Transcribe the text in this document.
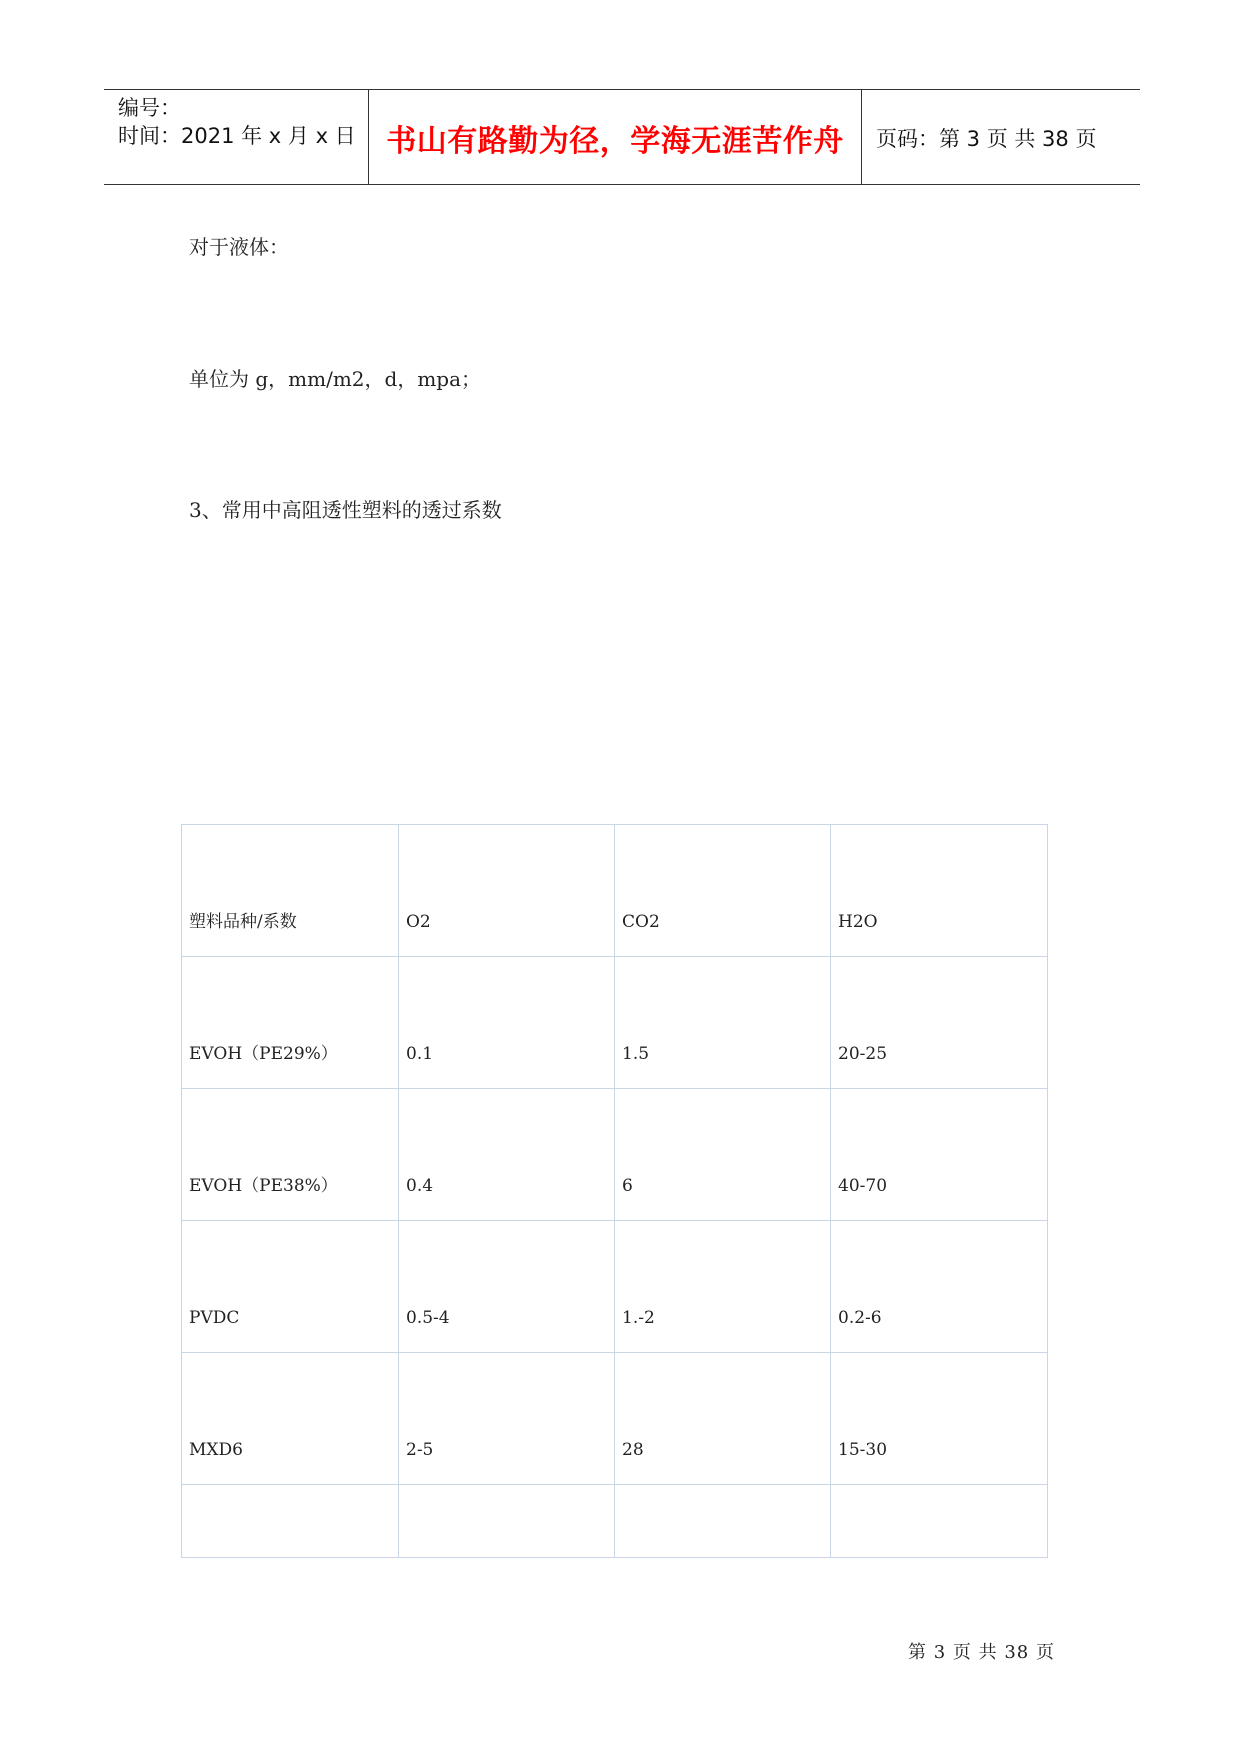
编号：
时间：2021 年 x 月 x 日	书山有路勤为径，学海无涯苦作舟	页码：第 3 页 共 38 页
对于液体：
单位为 g，mm/m2，d，mpa；
3、常用中高阻透性塑料的透过系数
塑料品种/系数	O2	CO2	H2O
EVOH（PE29%）	0.1	1.5	20-25
EVOH（PE38%）	0.4	6	40-70
PVDC	0.5-4	1.-2	0.2-6
MXD6	2-5	28	15-30

第 3 页 共 38 页
